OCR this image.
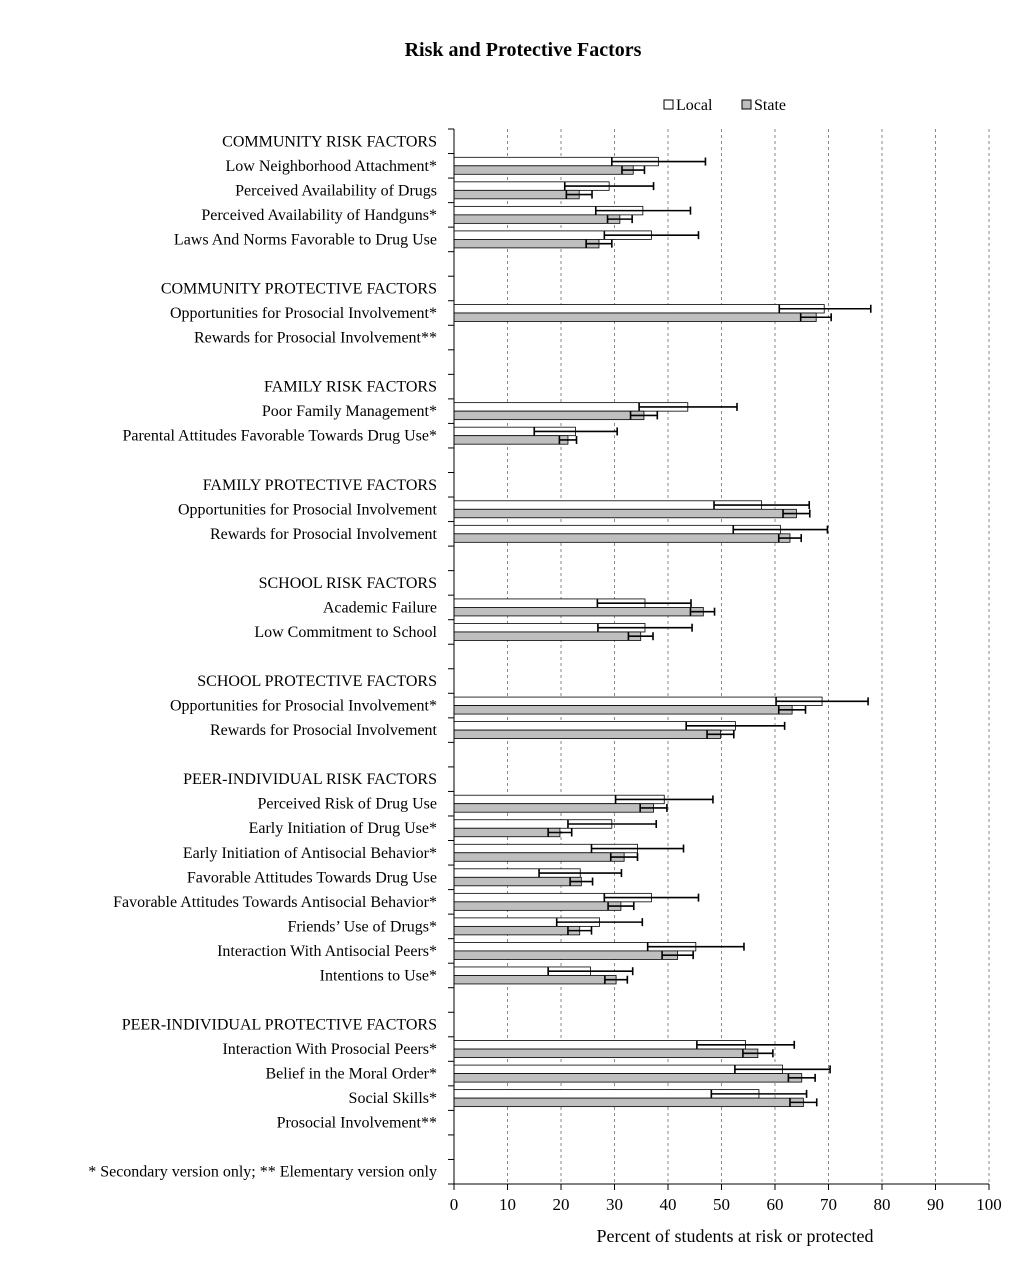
Risk and Protective Factors
Local	State
COMMUNITY RISK FACTORS
Low Neighborhood Attachment*
Perceived Availability of Drugs
Perceived Availability of Handguns*
Laws And Norms Favorable to Drug Use
COMMUNITY PROTECTIVE FACTORS
Opportunities for Prosocial Involvement*
Rewards for Prosocial Involvement**
FAMILY RISK FACTORS
Poor Family Management*
Parental Attitudes Favorable Towards Drug Use*
FAMILY PROTECTIVE FACTORS
Opportunities for Prosocial Involvement
Rewards for Prosocial Involvement
SCHOOL RISK FACTORS
Academic Failure
Low Commitment to School
SCHOOL PROTECTIVE FACTORS
Opportunities for Prosocial Involvement*
Rewards for Prosocial Involvement
PEER-INDIVIDUAL RISK FACTORS
Perceived Risk of Drug Use
Early Initiation of Drug Use*
Early Initiation of Antisocial Behavior*
Favorable Attitudes Towards Drug Use
Favorable Attitudes Towards Antisocial Behavior*
Friends’ Use of Drugs*
Interaction With Antisocial Peers*
Intentions to Use*
PEER-INDIVIDUAL PROTECTIVE FACTORS
Interaction With Prosocial Peers*
Belief in the Moral Order*
Social Skills*
Prosocial Involvement**
* Secondary version only; ** Elementary version only
0 10 20 30 40 50 60 70 80 90 100
Percent of students at risk or protected
